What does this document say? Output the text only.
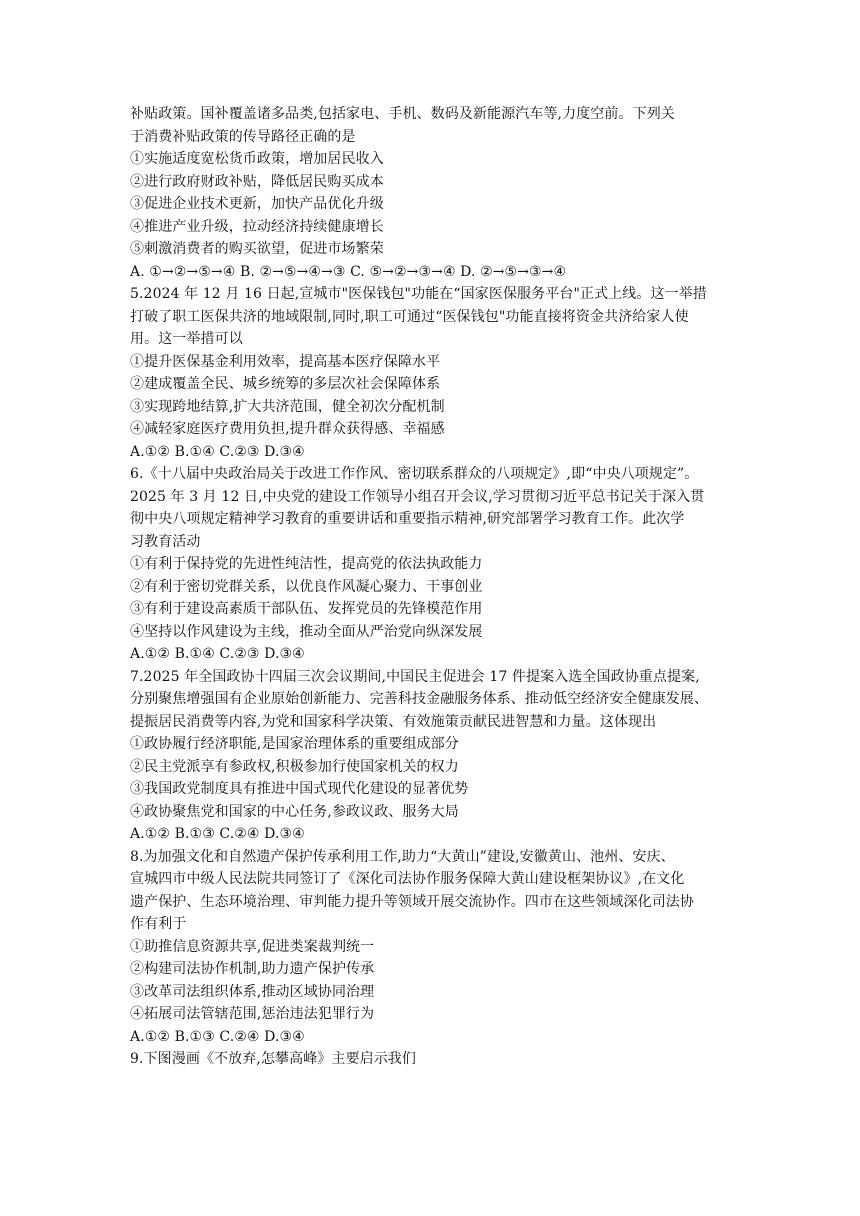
补贴政策。国补覆盖诸多品类,包括家电、手机、数码及新能源汽车等,力度空前。下列关
于消费补贴政策的传导路径正确的是
①实施适度宽松货币政策，增加居民收入
②进行政府财政补贴，降低居民购买成本
③促进企业技术更新，加快产品优化升级
④推进产业升级，拉动经济持续健康增长
⑤刺激消费者的购买欲望，促进市场繁荣
A. ①→②→⑤→④ B. ②→⑤→④→③ C. ⑤→②→③→④ D. ②→⑤→③→④
5.2024 年 12 月 16 日起,宣城市"医保钱包"功能在“国家医保服务平台"正式上线。这一举措
打破了职工医保共济的地域限制,同时,职工可通过“医保钱包"功能直接将资金共济给家人使
用。这一举措可以
①提升医保基金利用效率，提高基本医疗保障水平
②建成覆盖全民、城乡统筹的多层次社会保障体系
③实现跨地结算,扩大共济范围，健全初次分配机制
④减轻家庭医疗费用负担,提升群众获得感、幸福感
A.①② B.①④ C.②③ D.③④
6.《十八届中央政治局关于改进工作作风、密切联系群众的八项规定》,即“中央八项规定”。
2025 年 3 月 12 日,中央党的建设工作领导小组召开会议,学习贯彻习近平总书记关于深入贯
彻中央八项规定精神学习教育的重要讲话和重要指示精神,研究部署学习教育工作。此次学
习教育活动
①有利于保持党的先进性纯洁性，提高党的依法执政能力
②有利于密切党群关系，以优良作风凝心聚力、干事创业
③有利于建设高素质干部队伍、发挥党员的先锋模范作用
④坚持以作风建设为主线，推动全面从严治党向纵深发展
A.①② B.①④ C.②③ D.③④
7.2025 年全国政协十四届三次会议期间,中国民主促进会 17 件提案入选全国政协重点提案,
分别聚焦增强国有企业原始创新能力、完善科技金融服务体系、推动低空经济安全健康发展、
提振居民消费等内容,为党和国家科学决策、有效施策贡献民进智慧和力量。这体现出
①政协履行经济职能,是国家治理体系的重要组成部分
②民主党派享有参政权,积极参加行使国家机关的权力
③我国政党制度具有推进中国式现代化建设的显著优势
④政协聚焦党和国家的中心任务,参政议政、服务大局
A.①② B.①③ C.②④ D.③④
8.为加强文化和自然遗产保护传承利用工作,助力“大黄山”建设,安徽黄山、池州、安庆、
宣城四市中级人民法院共同签订了《深化司法协作服务保障大黄山建设框架协议》,在文化
遗产保护、生态环境治理、审判能力提升等领域开展交流协作。四市在这些领域深化司法协
作有利于
①助推信息资源共享,促进类案裁判统一
②构建司法协作机制,助力遗产保护传承
③改革司法组织体系,推动区域协同治理
④拓展司法管辖范围,惩治违法犯罪行为
A.①② B.①③ C.②④ D.③④
9.下图漫画《不放弃,怎攀高峰》主要启示我们
